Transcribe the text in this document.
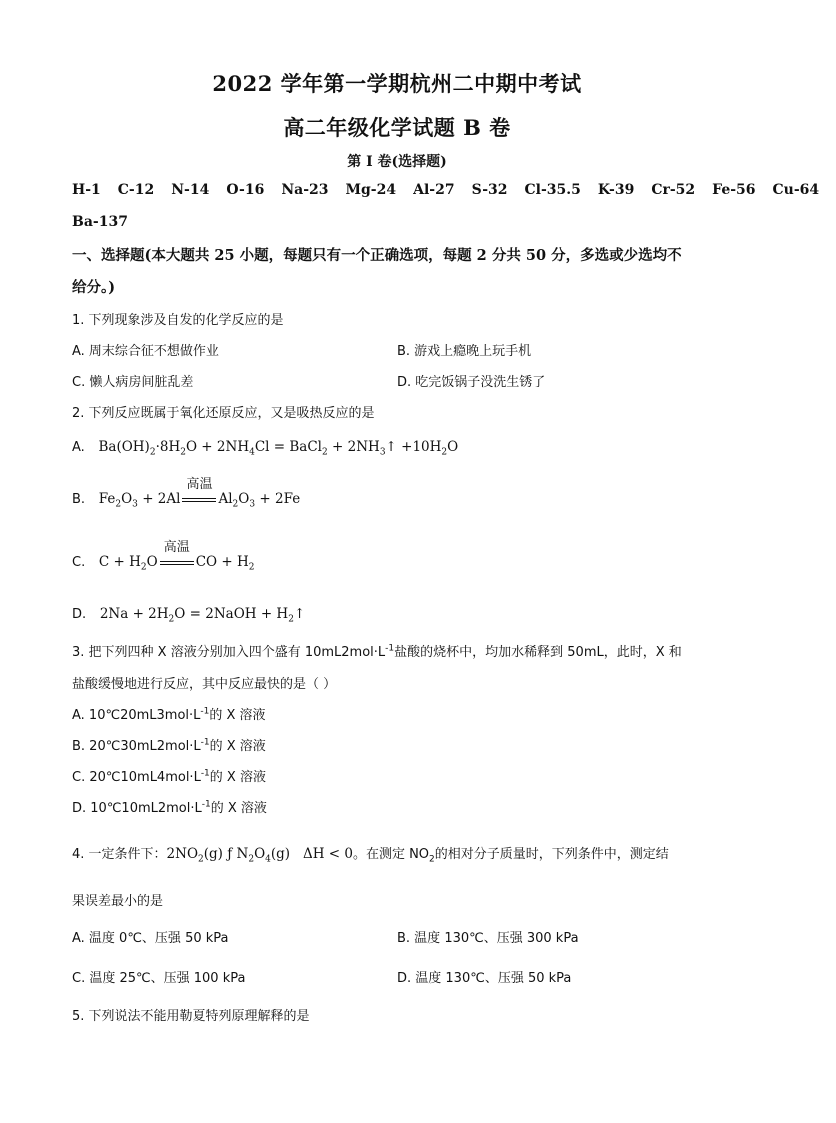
2022 学年第一学期杭州二中期中考试
高二年级化学试题 B 卷
第 I 卷(选择题)
H-1 C-12 N-14 O-16 Na-23 Mg-24 Al-27 S-32 Cl-35.5 K-39 Cr-52 Fe-56 Cu-64
Ba-137
一、选择题(本大题共 25 小题，每题只有一个正确选项，每题 2 分共 50 分，多选或少选均不
给分。)
1. 下列现象涉及自发的化学反应的是
A. 周末综合征不想做作业	B. 游戏上瘾晚上玩手机
C. 懒人病房间脏乱差	D. 吃完饭锅子没洗生锈了
2. 下列反应既属于氧化还原反应，又是吸热反应的是
A.   $Ba(OH)_2\cdot 8H_2O + 2NH_4Cl$ = BaCl$_2$ + $2NH_3↑ +10H_2O$
B.   $Fe_2O_3 + 2Al$
高温
$Al_2O_3 + 2Fe$
C.   $C + H_2O$
高温
CO + $H_2$
D.   $2Na + 2H_2O$ = 2NaOH + $H_2↑$
3. 把下列四种 X 溶液分别加入四个盛有 $10mL2mol\cdot L^{-1}$盐酸的烧杯中，均加水稀释到 50mL，此时，X 和
盐酸缓慢地进行反应，其中反应最快的是（ ）
A. $10℃20mL3mol\cdot L^{-1}$的 X 溶液
B. $20℃30mL2mol\cdot L^{-1}$的 X 溶液
C. $20℃10mL4mol\cdot L^{-1}$的 X 溶液
D. $10℃10mL2mol\cdot L^{-1}$的 X 溶液
4. 一定条件下：$2NO_2(g)$ ƒ $N_2O_4(g) \Delta H < 0$。在测定 $NO_2$的相对分子质量时，下列条件中，测定结
果误差最小的是
A. 温度 0℃、压强 50 kPa	B. 温度 130℃、压强 300 kPa
C. 温度 25℃、压强 100 kPa	D. 温度 130℃、压强 50 kPa
5. 下列说法不能用勒夏特列原理解释的是
